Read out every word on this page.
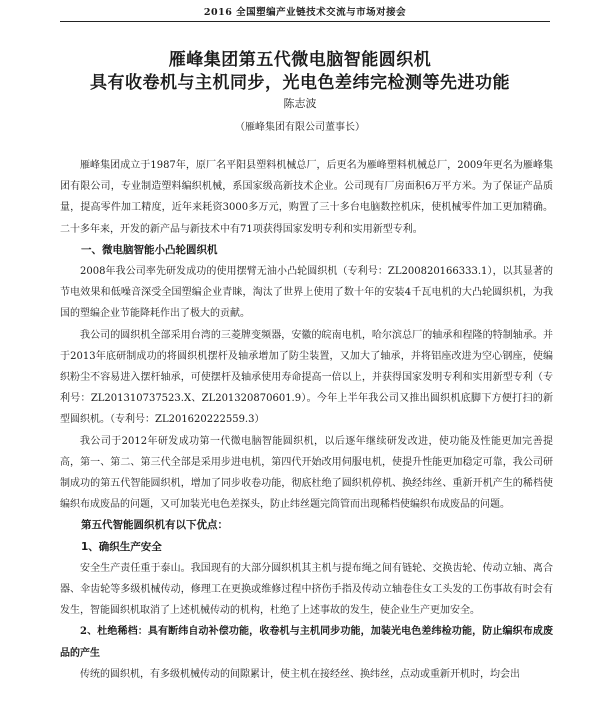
2016 全国塑编产业链技术交流与市场对接会
雁峰集团第五代微电脑智能圆织机
具有收卷机与主机同步，光电色差纬完检测等先进功能
陈志波
（雁峰集团有限公司董事长）

雁峰集团成立于1987年，原厂名平阳县塑料机械总厂，后更名为雁峰塑料机械总厂，2009年更名为雁峰集团有限公司，专业制造塑料编织机械，系国家级高新技术企业。公司现有厂房面积6万平方米。为了保证产品质量，提高零件加工精度，近年来耗资3000多万元，购置了三十多台电脑数控机床，使机械零件加工更加精确。二十多年来，开发的新产品与新技术中有71项获得国家发明专利和实用新型专利。

一、微电脑智能小凸轮圆织机

2008年我公司率先研发成功的使用摆臂无油小凸轮圆织机（专利号：ZL200820166333.1），以其显著的节电效果和低噪音深受全国塑编企业青睐，淘汰了世界上使用了数十年的安装4千瓦电机的大凸轮圆织机，为我国的塑编企业节能降耗作出了极大的贡献。

我公司的圆织机全部采用台湾的三菱牌变频器，安徽的皖南电机，哈尔滨总厂的轴承和程隆的特制轴承。并于2013年底研制成功的将圆织机摆杆及轴承增加了防尘装置，又加大了轴承，并将铝座改进为空心钢座，使编织粉尘不容易进入摆杆轴承，可使摆杆及轴承使用寿命提高一倍以上，并获得国家发明专利和实用新型专利（专利号：ZL201310737523.X、ZL201320870601.9）。今年上半年我公司又推出圆织机底脚下方便打扫的新型圆织机。（专利号：ZL201620222559.3）

我公司于2012年研发成功第一代微电脑智能圆织机，以后逐年继续研发改进，使功能及性能更加完善提高，第一、第二、第三代全部是采用步进电机，第四代开始改用伺服电机，使提升性能更加稳定可靠，我公司研制成功的第五代智能圆织机，增加了同步收卷功能，彻底杜绝了圆织机停机、换经纬丝、重新开机产生的稀档使编织布成废品的问题，又可加装光电色差探头，防止纬丝题完筒管而出现稀档使编织布成废品的问题。

第五代智能圆织机有以下优点：
1、确织生产安全

安全生产责任重于泰山。我国现有的大部分圆织机其主机与提布绳之间有链轮、交换齿轮、传动立轴、离合器、伞齿轮等多级机械传动，修理工在更换或维修过程中挤伤手指及传动立轴卷住女工头发的工伤事故有时会有发生，智能圆织机取消了上述机械传动的机构，杜绝了上述事故的发生，使企业生产更加安全。

2、杜绝稀档：具有断纬自动补偿功能，收卷机与主机同步功能，加装光电色差纬检功能，防止编织布成废品的产生

传统的圆织机，有多级机械传动的间隙累计，使主机在接经丝、换纬丝，点动或重新开机时，均会出
